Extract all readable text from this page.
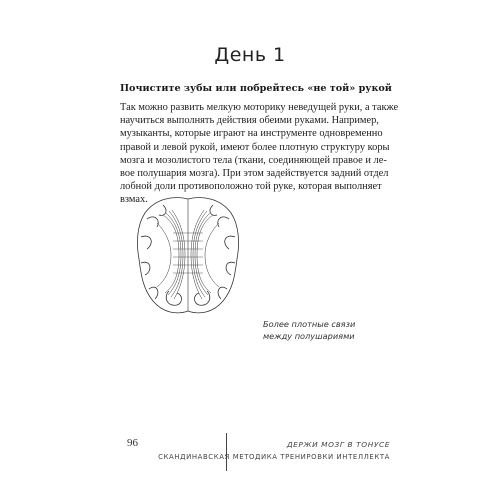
День 1
Почистите зубы или побрейтесь «не той» рукой
Так можно развить мелкую моторику неведущей руки, а также
научиться выполнять действия обеими руками. Например,
музыканты, которые играют на инструменте одновременно
правой и левой рукой, имеют более плотную структуру коры
мозга и мозолистого тела (ткани, соединяющей правое и ле-
вое полушария мозга). При этом задействуется задний отдел
лобной доли противоположно той руке, которая выполняет
взмах.
Более плотные связи
между полушариями
96	ДЕРЖИ МОЗГ В ТОНУСЕ
СКАНДИНАВСКАЯ МЕТОДИКА ТРЕНИРОВКИ ИНТЕЛЛЕКТА
